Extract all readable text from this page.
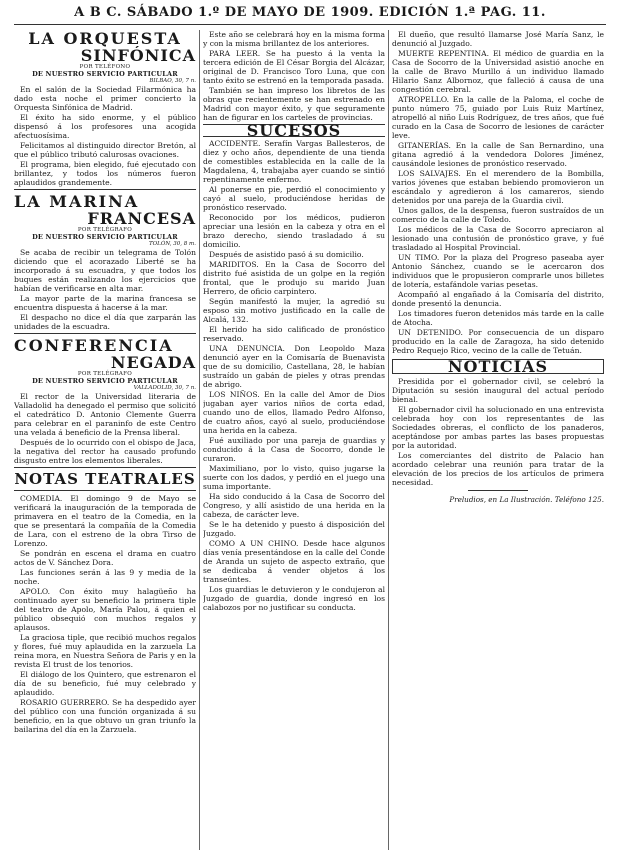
A B C. SÁBADO 1.º DE MAYO DE 1909. EDICIÓN 1.ª PAG. 11.
LA ORQUESTA
SINFÓNICA
POR TELÉFONO
DE NUESTRO SERVICIO PARTICULAR
BILBAO, 30, 7 n.

En el salón de la Sociedad Filarmónica ha dado esta noche el primer concierto la Orquesta Sinfónica de Madrid.

El éxito ha sido enorme, y el público dispensó á los profesores una acogida afectuosísima.

Felicitamos al distinguido director Bretón, al que el público tributó calurosas ovaciones.

El programa, bien elegido, fué ejecutado con brillantez, y todos los números fueron aplaudidos grandemente.

LA MARINA
FRANCESA
POR TELÉGRAFO
DE NUESTRO SERVICIO PARTICULAR
TOLÓN, 30, 8 m.

Se acaba de recibir un telegrama de Tolón diciendo que el acorazado Liberté se ha incorporado á su escuadra, y que todos los buques están realizando los ejercicios que habían de verificarse en alta mar.

La mayor parte de la marina francesa se encuentra dispuesta á hacerse á la mar.

El despacho no dice el día que zarparán las unidades de la escuadra.

CONFERENCIA
NEGADA
POR TELÉGRAFO
DE NUESTRO SERVICIO PARTICULAR
VALLADOLID, 30, 7 n.

El rector de la Universidad literaria de Valladolid ha denegado el permiso que solicitó el catedrático D. Antonio Clemente Guerra para celebrar en el paraninfo de este Centro una velada á beneficio de la Prensa liberal.

Después de lo ocurrido con el obispo de Jaca, la negativa del rector ha causado profundo disgusto entre los elementos liberales.

NOTAS TEATRALES

COMEDIA. El domingo 9 de Mayo se verificará la inauguración de la temporada de primavera en el teatro de la Comedia, en la que se presentará la compañía de la Comedia de Lara, con el estreno de la obra Tirso de Lorenzo.

Se pondrán en escena el drama en cuatro actos de V. Sánchez Dora.

Las funciones serán á las 9 y media de la noche.

APOLO. Con éxito muy halagüeño ha continuado ayer su beneficio la primera tiple del teatro de Apolo, María Palou, á quien el público obsequió con muchos regalos y aplausos.

La graciosa tiple, que recibió muchos regalos y flores, fué muy aplaudida en la zarzuela La reina mora, en Nuestra Señora de Paris y en la revista El trust de los tenorios.

El diálogo de los Quintero, que estrenaron el día de su beneficio, fué muy celebrado y aplaudido.

ROSARIO GUERRERO. Se ha despedido ayer del público con una función organizada á su beneficio, en la que obtuvo un gran triunfo la bailarina del día en la Zarzuela.

Este año se celebrará hoy en la misma forma y con la misma brillantez de los anteriores.

PARA LEER. Se ha puesto á la venta la tercera edición de El César Borgia del Alcázar, original de D. Francisco Toro Luna, que con tanto éxito se estrenó en la temporada pasada.

También se han impreso los libretos de las obras que recientemente se han estrenado en Madrid con mayor éxito, y que seguramente han de figurar en los carteles de provincias.

SUCESOS

ACCIDENTE. Serafín Vargas Ballesteros, de diez y ocho años, dependiente de una tienda de comestibles establecida en la calle de la Magdalena, 4, trabajaba ayer cuando se sintió repentinamente enfermo.

Al ponerse en pie, perdió el conocimiento y cayó al suelo, produciéndose heridas de pronóstico reservado.

Reconocido por los médicos, pudieron apreciar una lesión en la cabeza y otra en el brazo derecho, siendo trasladado á su domicilio.

Después de asistido pasó á su domicilio.

MARIDITOS. En la Casa de Socorro del distrito fué asistida de un golpe en la región frontal, que le produjo su marido Juan Herrero, de oficio carpintero.

Según manifestó la mujer, la agredió su esposo sin motivo justificado en la calle de Alcalá, 132.

El herido ha sido calificado de pronóstico reservado.

UNA DENUNCIA. Don Leopoldo Maza denunció ayer en la Comisaría de Buenavista que de su domicilio, Castellana, 28, le habían sustraído un gabán de pieles y otras prendas de abrigo.

LOS NIÑOS. En la calle del Amor de Dios jugaban ayer varios niños de corta edad, cuando uno de ellos, llamado Pedro Alfonso, de cuatro años, cayó al suelo, produciéndose una herida en la cabeza.

Fué auxiliado por una pareja de guardias y conducido á la Casa de Socorro, donde le curaron.

Maximiliano, por lo visto, quiso jugarse la suerte con los dados, y perdió en el juego una suma importante.

Ha sido conducido á la Casa de Socorro del Congreso, y allí asistido de una herida en la cabeza, de carácter leve.

Se le ha detenido y puesto á disposición del Juzgado.

COMO A UN CHINO. Desde hace algunos días venía presentándose en la calle del Conde de Aranda un sujeto de aspecto extraño, que se dedicaba á vender objetos á los transeúntes.

Los guardias le detuvieron y le condujeron al Juzgado de guardia, donde ingresó en los calabozos por no justificar su conducta.

El dueño, que resultó llamarse José María Sanz, le denunció al Juzgado.

MUERTE REPENTINA. El médico de guardia en la Casa de Socorro de la Universidad asistió anoche en la calle de Bravo Murillo á un individuo llamado Hilario Sanz Albornoz, que falleció á causa de una congestión cerebral.

ATROPELLO. En la calle de la Paloma, el coche de punto número 75, guiado por Luis Ruiz Martínez, atropelló al niño Luis Rodríguez, de tres años, que fué curado en la Casa de Socorro de lesiones de carácter leve.

GITANERÍAS. En la calle de San Bernardino, una gitana agredió á la vendedora Dolores Jiménez, causándole lesiones de pronóstico reservado.

LOS SALVAJES. En el merendero de la Bombilla, varios jóvenes que estaban bebiendo promovieron un escándalo y agredieron á los camareros, siendo detenidos por una pareja de la Guardia civil.

Unos gallos, de la despensa, fueron sustraídos de un comercio de la calle de Toledo.

Los médicos de la Casa de Socorro apreciaron al lesionado una contusión de pronóstico grave, y fué trasladado al Hospital Provincial.

UN TIMO. Por la plaza del Progreso paseaba ayer Antonio Sánchez, cuando se le acercaron dos individuos que le propusieron comprarle unos billetes de lotería, estafándole varias pesetas.

Acompañó al engañado á la Comisaría del distrito, donde presentó la denuncia.

Los timadores fueron detenidos más tarde en la calle de Atocha.

UN DETENIDO. Por consecuencia de un disparo producido en la calle de Zaragoza, ha sido detenido Pedro Requejo Rico, vecino de la calle de Tetuán.

NOTICIAS

Presidida por el gobernador civil, se celebró la Diputación su sesión inaugural del actual período bienal.

El gobernador civil ha solucionado en una entrevista celebrada hoy con los representantes de las Sociedades obreras, el conflicto de los panaderos, aceptándose por ambas partes las bases propuestas por la autoridad.

Los comerciantes del distrito de Palacio han acordado celebrar una reunión para tratar de la elevación de los precios de los artículos de primera necesidad.

Preludios, en La Ilustración. Teléfono 125.
